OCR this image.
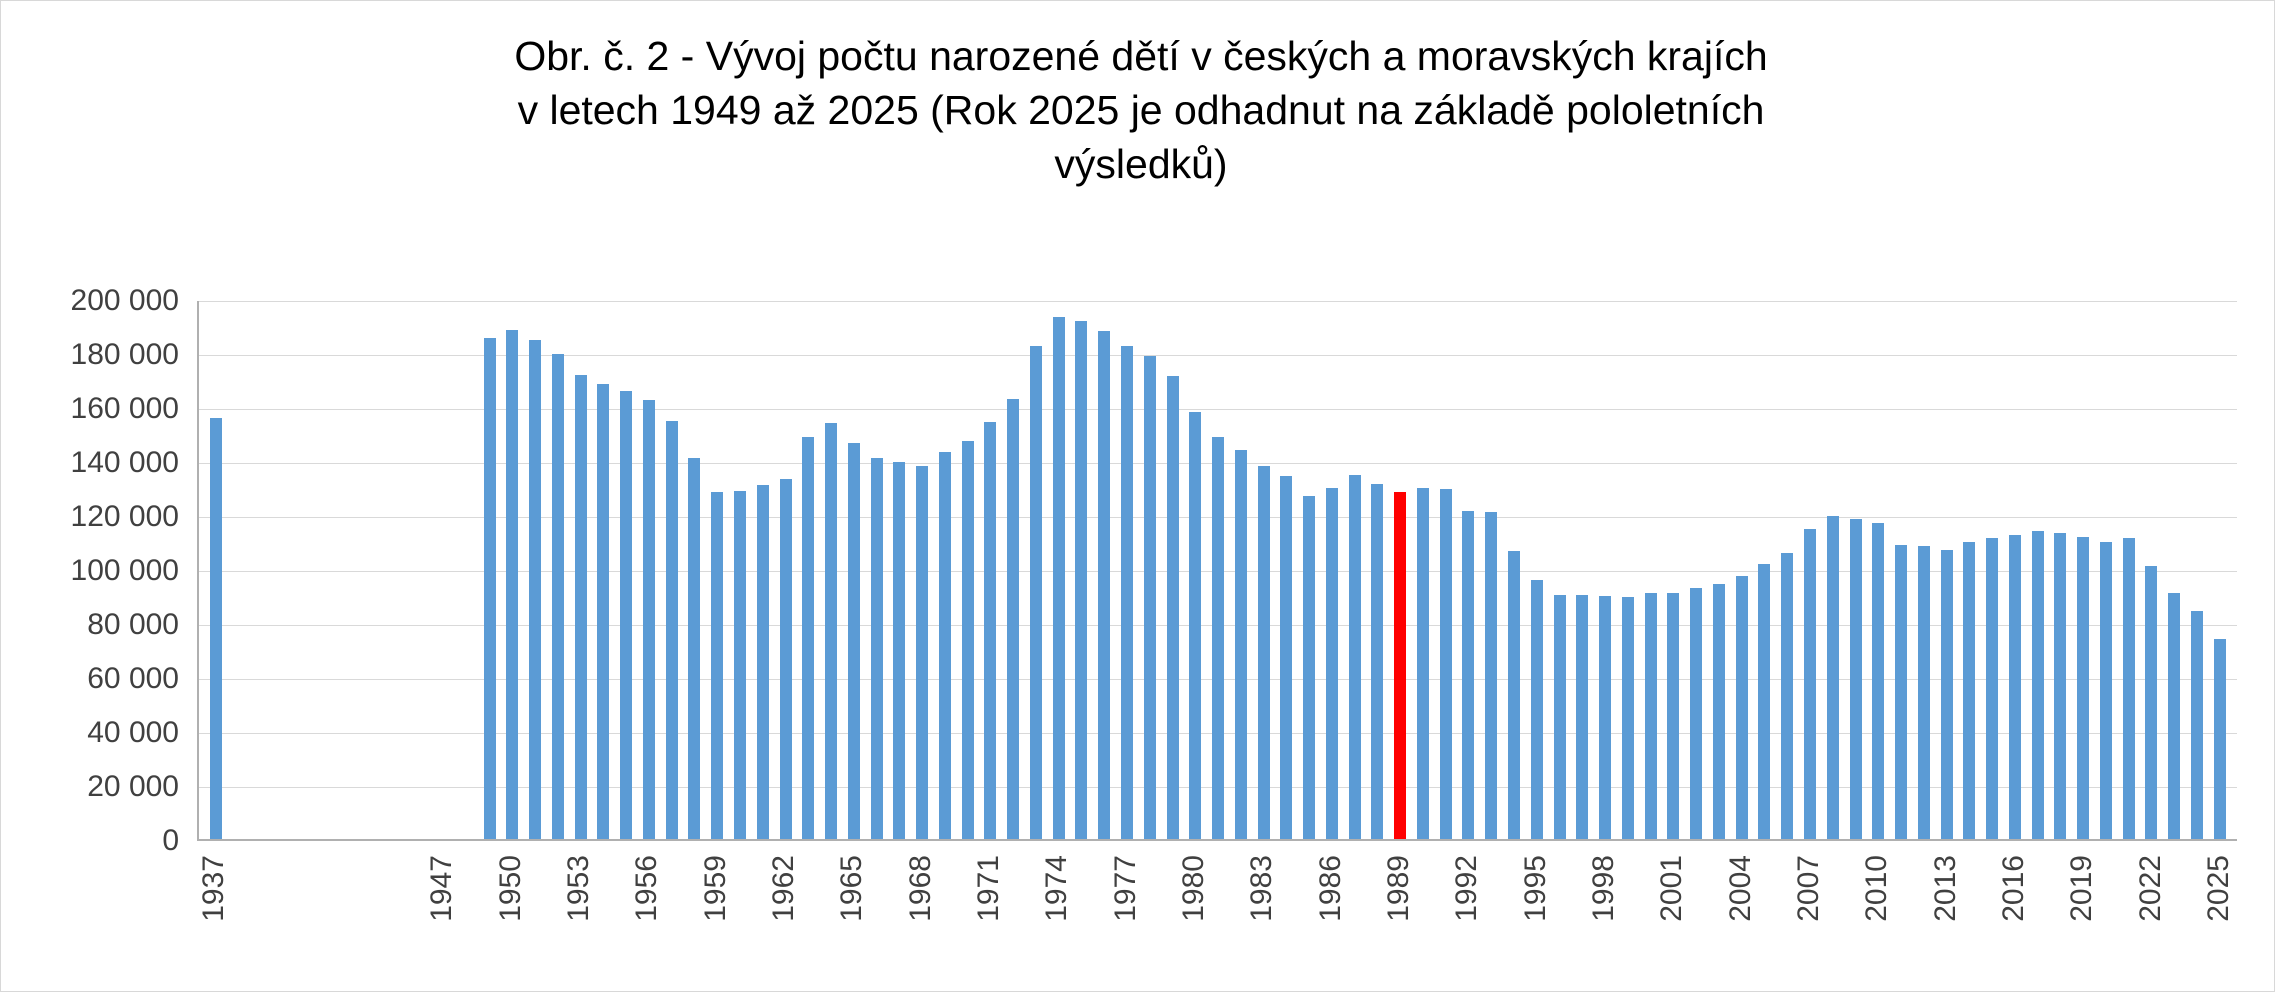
Obr. č. 2 - Vývoj počtu narozené dětí v českých a moravských krajích
v letech 1949 až 2025 (Rok 2025 je odhadnut na základě pololetních
výsledků)
0
20 000
40 000
60 000
80 000
100 000
120 000
140 000
160 000
180 000
200 000
1937	1947 1950 1953 1956 1959 1962 1965 1968 1971 1974 1977 1980 1983 1986 1989 1992 1995 1998 2001 2004 2007 2010 2013 2016 2019 2022 2025
